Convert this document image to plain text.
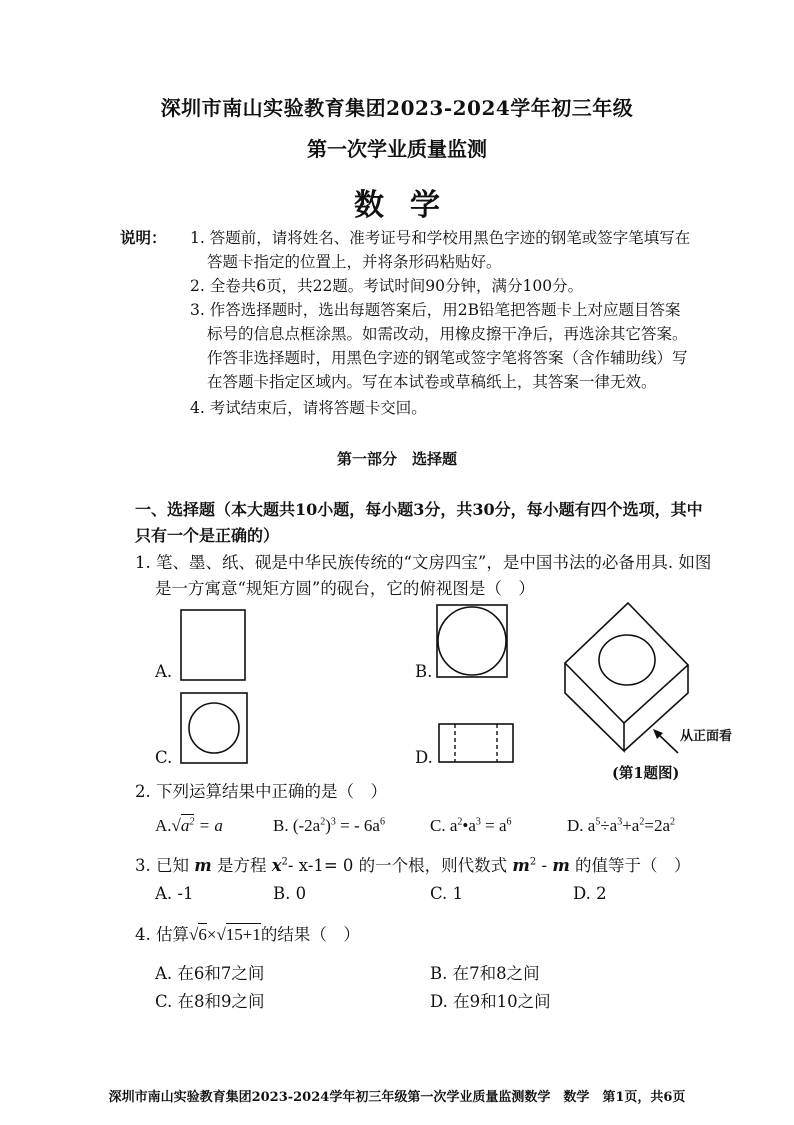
深圳市南山实验教育集团2023-2024学年初三年级
第一次学业质量监测
数学
说明： 1. 答题前，请将姓名、准考证号和学校用黑色字迹的钢笔或签字笔填写在
答题卡指定的位置上，并将条形码粘贴好。
2. 全卷共6页，共22题。考试时间90分钟，满分100分。
3. 作答选择题时，选出每题答案后，用2B铅笔把答题卡上对应题目答案
标号的信息点框涂黑。如需改动，用橡皮擦干净后，再选涂其它答案。
作答非选择题时，用黑色字迹的钢笔或签字笔将答案（含作辅助线）写
在答题卡指定区域内。写在本试卷或草稿纸上，其答案一律无效。
4. 考试结束后，请将答题卡交回。
第一部分　选择题
一、选择题（本大题共10小题，每小题3分，共30分，每小题有四个选项，其中
只有一个是正确的）
1. 笔、墨、纸、砚是中华民族传统的“文房四宝”，是中国书法的必备用具. 如图
是一方寓意“规矩方圆”的砚台，它的俯视图是（　）
A.	B.
C.	D.
从正面看
(第1题图)
2. 下列运算结果中正确的是（　）
$A.√a^2 = a$	B. $(-2a^2)^3$ = - $6a^6$	C. $a^2•a^3 = a^6$	D. $a^5\div a^3+a^2=2a^2$
3. 已知 m 是方程 $x^2-$ x-1= 0 的一个根，则代数式 $m^2$ - m 的值等于（　）
A. -1	B. 0	C. 1	D. 2
4. 估算√6×√15+1的结果（　）
A. 在6和7之间	B. 在7和8之间
C. 在8和9之间	D. 在9和10之间
深圳市南山实验教育集团2023-2024学年初三年级第一次学业质量监测数学　数学　第1页，共6页
